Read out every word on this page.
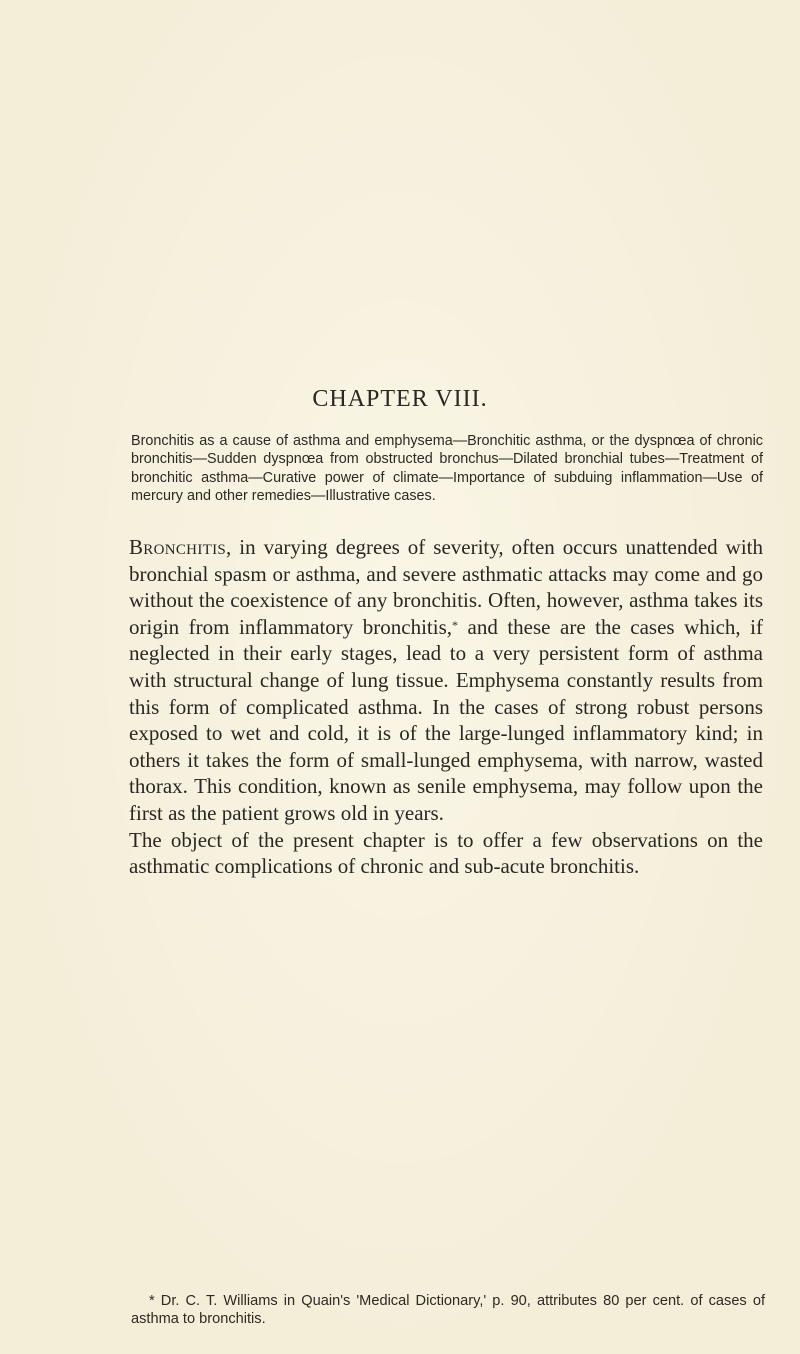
CHAPTER VIII.

Bronchitis as a cause of asthma and emphysema—Bronchitic asthma, or the dyspnœa of chronic bronchitis—Sudden dyspnœa from obstructed bronchus—Dilated bronchial tubes—Treatment of bronchitic asthma—Curative power of climate—Importance of subduing inflammation—Use of mercury and other remedies—Illustrative cases.

Bronchitis, in varying degrees of severity, often occurs unattended with bronchial spasm or asthma, and severe asthmatic attacks may come and go without the coexistence of any bronchitis. Often, however, asthma takes its origin from inflammatory bronchitis,* and these are the cases which, if neglected in their early stages, lead to a very persistent form of asthma with structural change of lung tissue. Emphysema constantly results from this form of complicated asthma. In the cases of strong robust persons exposed to wet and cold, it is of the large-lunged inflammatory kind; in others it takes the form of small-lunged emphysema, with narrow, wasted thorax. This condition, known as senile emphysema, may follow upon the first as the patient grows old in years.

The object of the present chapter is to offer a few observations on the asthmatic complications of chronic and sub-acute bronchitis.

* Dr. C. T. Williams in Quain's 'Medical Dictionary,' p. 90, attributes 80 per cent. of cases of asthma to bronchitis.
